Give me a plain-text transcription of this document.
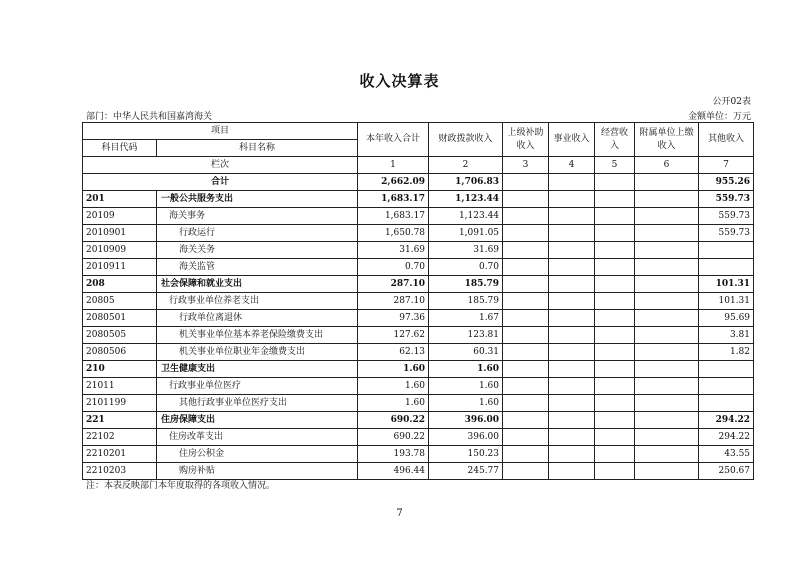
收入决算表
公开02表
部门：中华人民共和国嘉湾海关	金额单位：万元
项目		本年收入合计	财政拨款收入	上级补助收入	事业收入	经营收入	附属单位上缴收入	其他收入
科目代码	科目名称							
栏次		1	2	3	4	5	6	7
合计		2,662.09	1,706.83					955.26
201	一般公共服务支出	1,683.17	1,123.44					559.73
20109	海关事务	1,683.17	1,123.44					559.73
2010901	行政运行	1,650.78	1,091.05					559.73
2010909	海关关务	31.69	31.69					
2010911	海关监管	0.70	0.70					
208	社会保障和就业支出	287.10	185.79					101.31
20805	行政事业单位养老支出	287.10	185.79					101.31
2080501	行政单位离退休	97.36	1.67					95.69
2080505	机关事业单位基本养老保险缴费支出	127.62	123.81					3.81
2080506	机关事业单位职业年金缴费支出	62.13	60.31					1.82
210	卫生健康支出	1.60	1.60					
21011	行政事业单位医疗	1.60	1.60					
2101199	其他行政事业单位医疗支出	1.60	1.60					
221	住房保障支出	690.22	396.00					294.22
22102	住房改革支出	690.22	396.00					294.22
2210201	住房公积金	193.78	150.23					43.55
2210203	购房补贴	496.44	245.77					250.67
注：本表反映部门本年度取得的各项收入情况。
7
